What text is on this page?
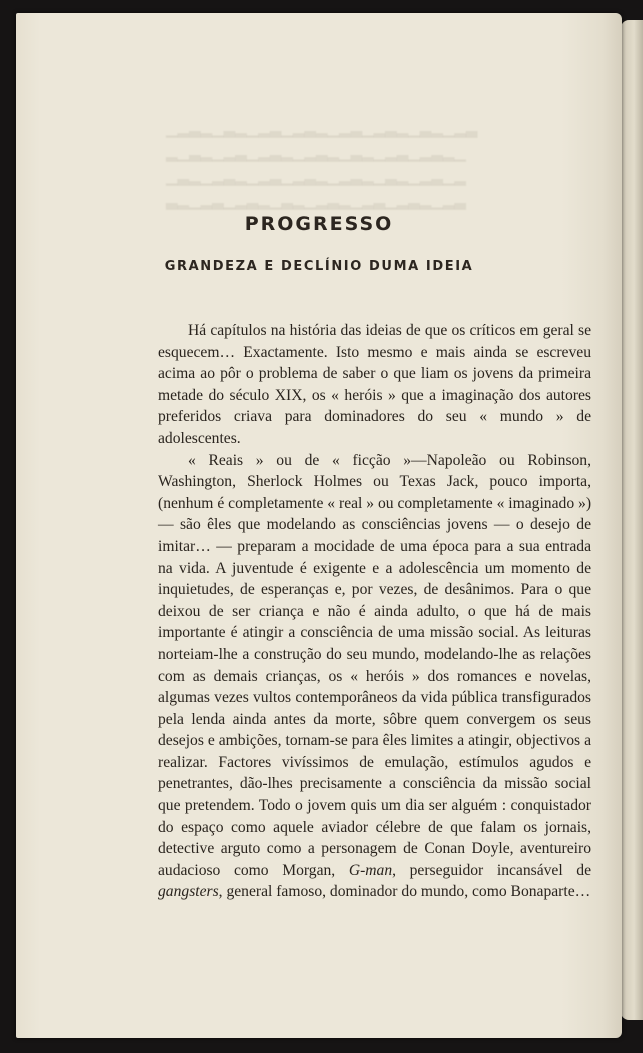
▁▂▃▂▁▃▂▁▂▃▁▂▃▂▁▂▃▁▂▃▂▁▃▂▁▂▃
▂▁▃▂▁▂▃▁▂▃▂▁▂▃▂▁▃▂▁▂▃▁▂▃▂▁
▁▃▂▁▂▃▂▁▂▃▁▂▃▂▁▂▃▂▁▃▂▁▂▃▁▂
▃▂▁▂▃▁▂▃▂▁▃▂▁▂▃▂▁▂▃▁▂▃▂▁▂▃
PROGRESSO
GRANDEZA E DECLÍNIO DUMA IDEIA

Há capítulos na história das ideias de que os críticos em geral se esquecem… Exactamente. Isto mesmo e mais ainda se escreveu acima ao pôr o problema de saber o que liam os jovens da primeira metade do século XIX, os « heróis » que a imaginação dos autores preferidos criava para dominadores do seu « mundo » de adolescentes.

« Reais » ou de « ficção »—Napoleão ou Robinson, Washington, Sherlock Holmes ou Texas Jack, pouco importa, (nenhum é completamente « real » ou completamente « imaginado ») — são êles que modelando as consciências jovens — o desejo de imitar… — preparam a mocidade de uma época para a sua entrada na vida. A juventude é exigente e a adolescência um momento de inquietudes, de esperanças e, por vezes, de desânimos. Para o que deixou de ser criança e não é ainda adulto, o que há de mais importante é atingir a consciência de uma missão social. As leituras norteiam-lhe a construção do seu mundo, modelando-lhe as relações com as demais crianças, os « heróis » dos romances e novelas, algumas vezes vultos contemporâneos da vida pública transfigurados pela lenda ainda antes da morte, sôbre quem convergem os seus desejos e ambições, tornam-se para êles limites a atingir, objectivos a realizar. Factores vivíssimos de emulação, estímulos agudos e penetrantes, dão-lhes precisamente a consciência da missão social que pretendem. Todo o jovem quis um dia ser alguém : conquistador do espaço como aquele aviador célebre de que falam os jornais, detective arguto como a personagem de Conan Doyle, aventureiro audacioso como Morgan, G-man, perseguidor incansável de gangsters, general famoso, dominador do mundo, como Bonaparte…
